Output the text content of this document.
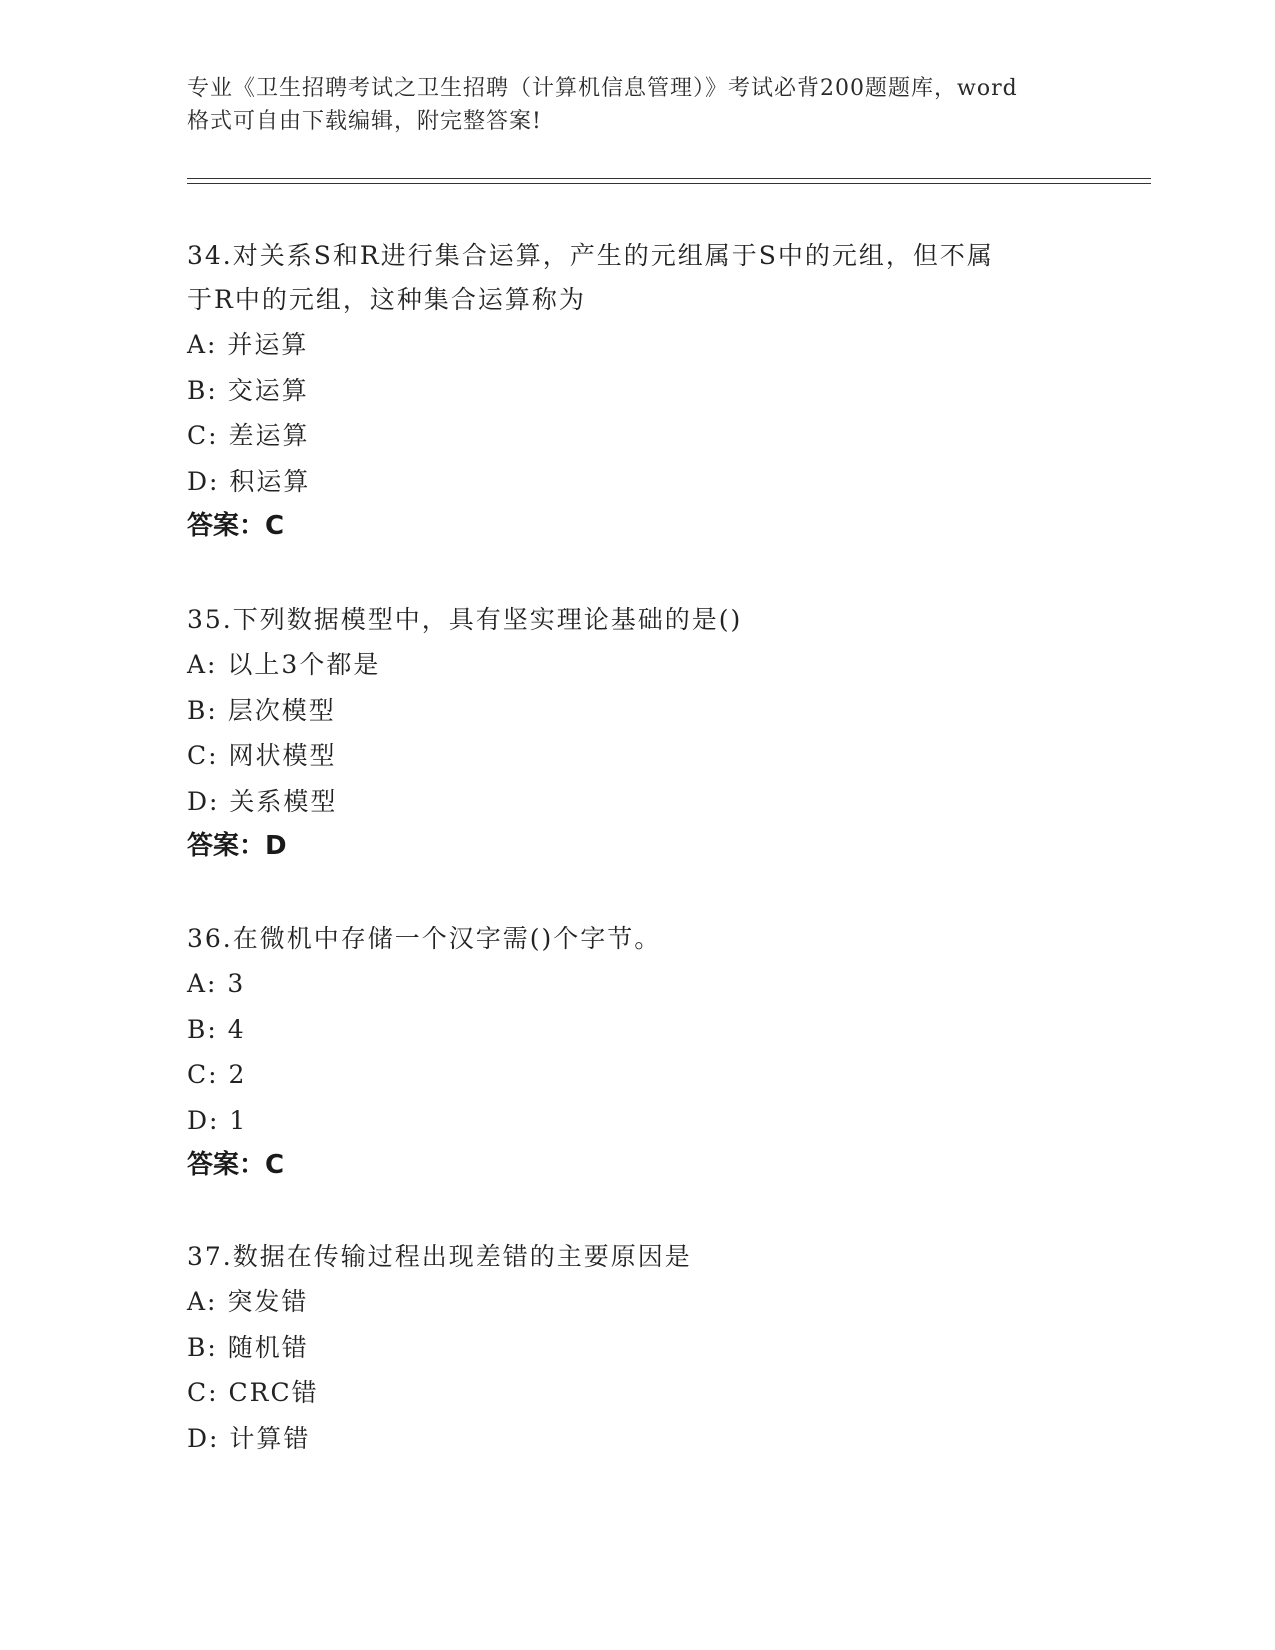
专业《卫生招聘考试之卫生招聘（计算机信息管理）》考试必背200题题库，word
格式可自由下载编辑，附完整答案!
34.对关系S和R进行集合运算，产生的元组属于S中的元组，但不属
于R中的元组，这种集合运算称为
A: 并运算
B: 交运算
C: 差运算
D: 积运算
答案：C
35.下列数据模型中，具有坚实理论基础的是()
A: 以上3个都是
B: 层次模型
C: 网状模型
D: 关系模型
答案：D
36.在微机中存储一个汉字需()个字节。
A: 3
B: 4
C: 2
D: 1
答案：C
37.数据在传输过程出现差错的主要原因是
A: 突发错
B: 随机错
C: CRC错
D: 计算错
